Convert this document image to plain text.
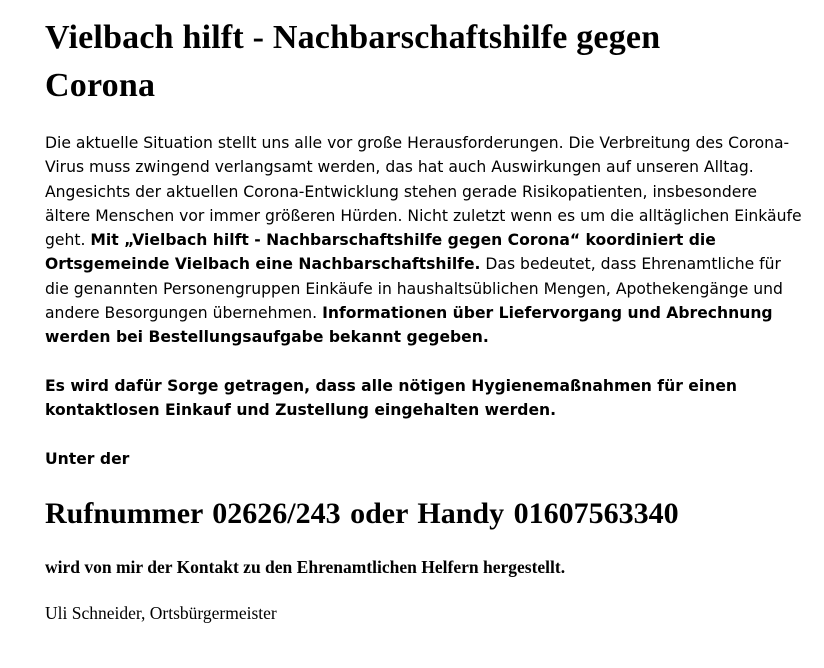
Vielbach hilft - Nachbarschaftshilfe gegen
Corona

Die aktuelle Situation stellt uns alle vor große Herausforderungen. Die Verbreitung des Corona-Virus muss zwingend verlangsamt werden, das hat auch Auswirkungen auf unseren Alltag. Angesichts der aktuellen Corona-Entwicklung stehen gerade Risikopatienten, insbesondere ältere Menschen vor immer größeren Hürden. Nicht zuletzt wenn es um die alltäglichen Einkäufe geht. Mit „Vielbach hilft - Nachbarschaftshilfe gegen Corona“ koordiniert die Ortsgemeinde Vielbach eine Nachbarschaftshilfe. Das bedeutet, dass Ehrenamtliche für die genannten Personengruppen Einkäufe in haushaltsüblichen Mengen, Apothekengänge und andere Besorgungen übernehmen. Informationen über Liefervorgang und Abrechnung werden bei Bestellungsaufgabe bekannt gegeben.

Es wird dafür Sorge getragen, dass alle nötigen Hygienemaßnahmen für einen kontaktlosen Einkauf und Zustellung eingehalten werden.

Unter der

Rufnummer 02626/243 oder Handy 01607563340

wird von mir der Kontakt zu den Ehrenamtlichen Helfern hergestellt.

Uli Schneider, Ortsbürgermeister
